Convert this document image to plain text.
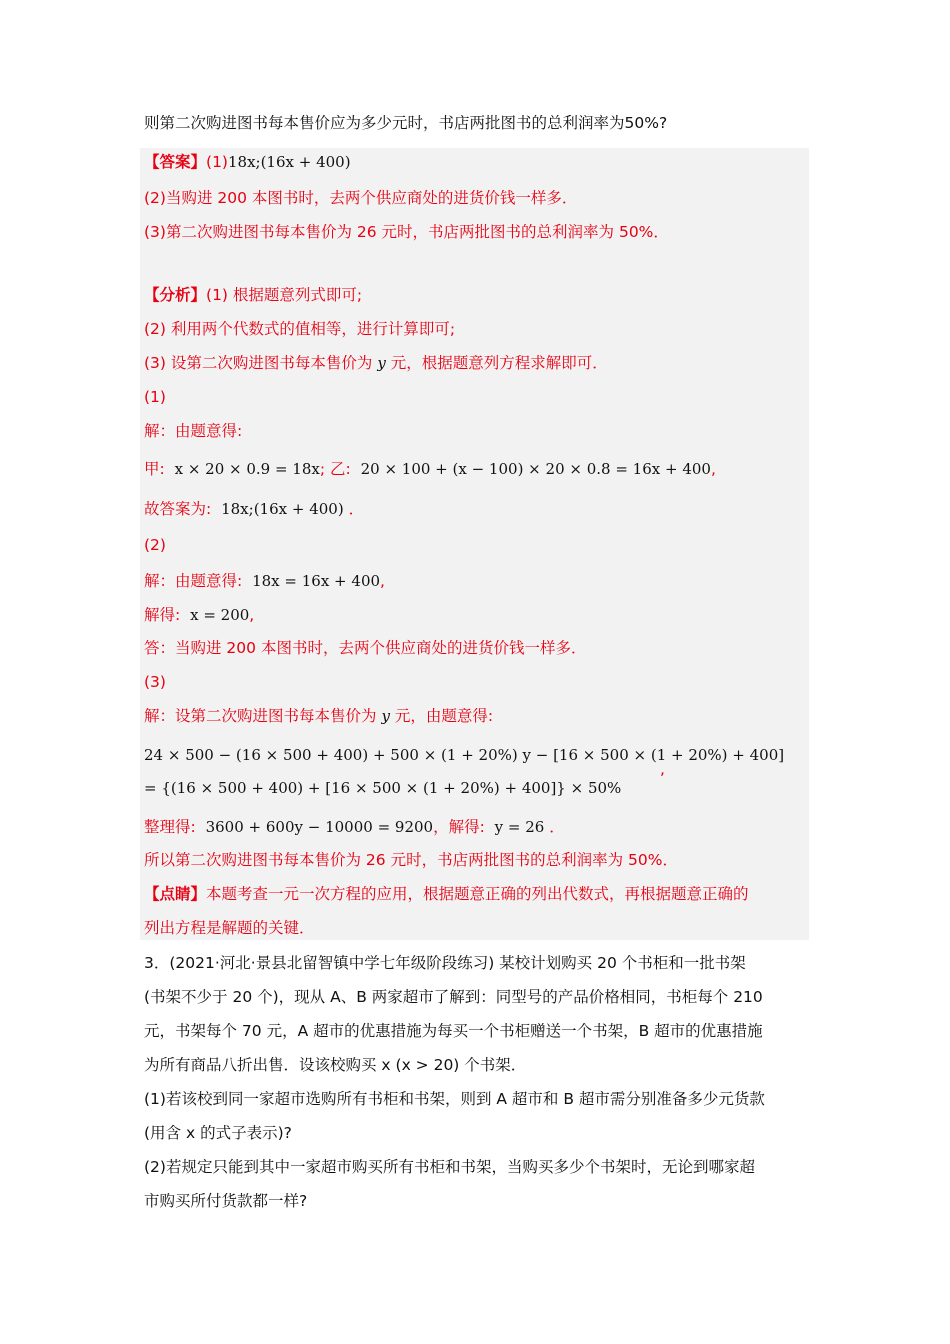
则第二次购进图书每本售价应为多少元时，书店两批图书的总利润率为50%?
【答案】(1)18x;(16x + 400)
(2)当购进 200 本图书时，去两个供应商处的进货价钱一样多．
(3)第二次购进图书每本售价为 26 元时，书店两批图书的总利润率为 50%．
【分析】(1) 根据题意列式即可;
(2) 利用两个代数式的值相等，进行计算即可;
(3) 设第二次购进图书每本售价为 y 元，根据题意列方程求解即可．
(1)
解：由题意得:
甲: x × 20 × 0.9 = 18x; 乙: 20 × 100 + (x − 100) × 20 × 0.8 = 16x + 400,
故答案为: 18x;(16x + 400) ．
(2)
解：由题意得: 18x = 16x + 400,
解得: x = 200,
答：当购进 200 本图书时，去两个供应商处的进货价钱一样多．
(3)
解：设第二次购进图书每本售价为 y 元，由题意得:
24 × 500 − (16 × 500 + 400) + 500 × (1 + 20%) y − [16 × 500 × (1 + 20%) + 400]
,
= {(16 × 500 + 400) + [16 × 500 × (1 + 20%) + 400]} × 50%
整理得: 3600 + 600y − 10000 = 9200，解得: y = 26 ．
所以第二次购进图书每本售价为 26 元时，书店两批图书的总利润率为 50%．
【点睛】本题考查一元一次方程的应用，根据题意正确的列出代数式，再根据题意正确的
列出方程是解题的关键．
3．(2021·河北·景县北留智镇中学七年级阶段练习) 某校计划购买 20 个书柜和一批书架
(书架不少于 20 个)，现从 A、B 两家超市了解到：同型号的产品价格相同，书柜每个 210
元，书架每个 70 元，A 超市的优惠措施为每买一个书柜赠送一个书架，B 超市的优惠措施
为所有商品八折出售．设该校购买 x (x > 20) 个书架．
(1)若该校到同一家超市选购所有书柜和书架，则到 A 超市和 B 超市需分别准备多少元货款
(用含 x 的式子表示)?
(2)若规定只能到其中一家超市购买所有书柜和书架，当购买多少个书架时，无论到哪家超
市购买所付货款都一样?
